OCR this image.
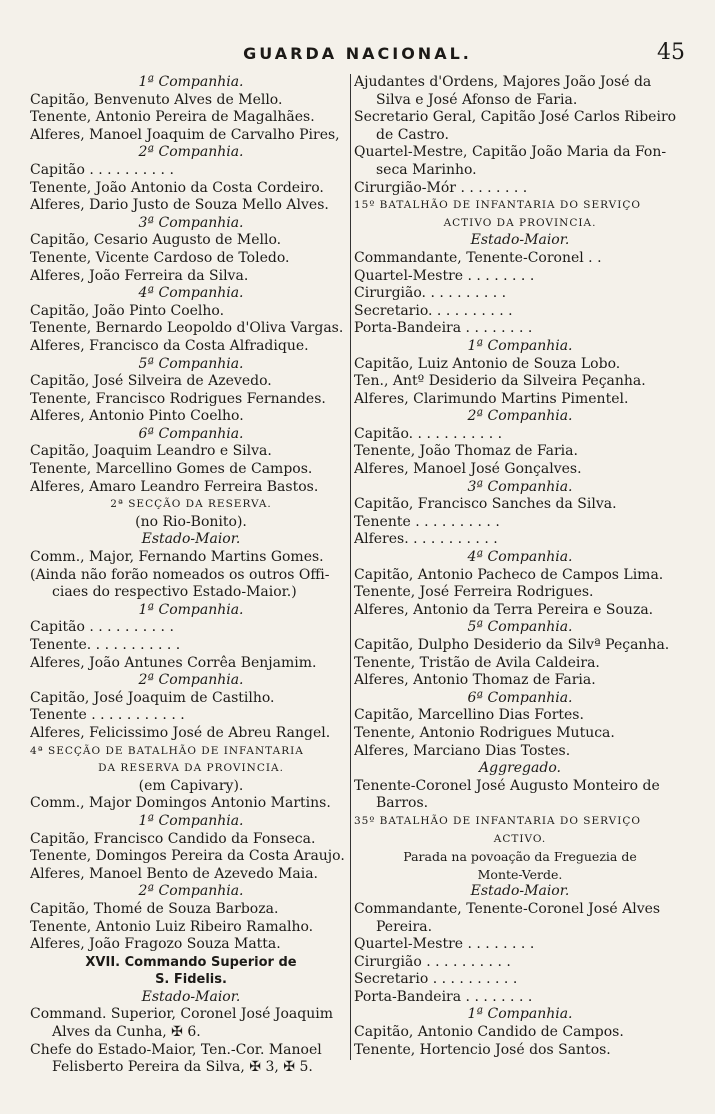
GUARDA NACIONAL.	45
1ª Companhia.
Capitão, Benvenuto Alves de Mello.
Tenente, Antonio Pereira de Magalhães.
Alferes, Manoel Joaquim de Carvalho Pires,
2ª Companhia.
Capitão . . . . . . . . . .
Tenente, João Antonio da Costa Cordeiro.
Alferes, Dario Justo de Souza Mello Alves.
3ª Companhia.
Capitão, Cesario Augusto de Mello.
Tenente, Vicente Cardoso de Toledo.
Alferes, João Ferreira da Silva.
4ª Companhia.
Capitão, João Pinto Coelho.
Tenente, Bernardo Leopoldo d'Oliva Vargas.
Alferes, Francisco da Costa Alfradique.
5ª Companhia.
Capitão, José Silveira de Azevedo.
Tenente, Francisco Rodrigues Fernandes.
Alferes, Antonio Pinto Coelho.
6ª Companhia.
Capitão, Joaquim Leandro e Silva.
Tenente, Marcellino Gomes de Campos.
Alferes, Amaro Leandro Ferreira Bastos.
2ª SECÇÃO DA RESERVA.
(no Rio-Bonito).
Estado-Maior.
Comm., Major, Fernando Martins Gomes.
(Ainda não forão nomeados os outros Offi-
ciaes do respectivo Estado-Maior.)
1ª Companhia.
Capitão . . . . . . . . . .
Tenente. . . . . . . . . . .
Alferes, João Antunes Corrêa Benjamim.
2ª Companhia.
Capitão, José Joaquim de Castilho.
Tenente . . . . . . . . . . .
Alferes, Felicissimo José de Abreu Rangel.
4ª SECÇÃO DE BATALHÃO DE INFANTARIA
DA RESERVA DA PROVINCIA.
(em Capivary).
Comm., Major Domingos Antonio Martins.
1ª Companhia.
Capitão, Francisco Candido da Fonseca.
Tenente, Domingos Pereira da Costa Araujo.
Alferes, Manoel Bento de Azevedo Maia.
2ª Companhia.
Capitão, Thomé de Souza Barboza.
Tenente, Antonio Luiz Ribeiro Ramalho.
Alferes, João Fragozo Souza Matta.
XVII. Commando Superior de
S. Fidelis.
Estado-Maior.
Command. Superior, Coronel José Joaquim
Alves da Cunha, ✠ 6.
Chefe do Estado-Maior, Ten.-Cor. Manoel
Felisberto Pereira da Silva, ✠ 3, ✠ 5.
Ajudantes d'Ordens, Majores João José da
Silva e José Afonso de Faria.
Secretario Geral, Capitão José Carlos Ribeiro
de Castro.
Quartel-Mestre, Capitão João Maria da Fon-
seca Marinho.
Cirurgião-Mór . . . . . . . .
15º BATALHÃO DE INFANTARIA DO SERVIÇO
ACTIVO DA PROVINCIA.
Estado-Maior.
Commandante, Tenente-Coronel . .
Quartel-Mestre . . . . . . . .
Cirurgião. . . . . . . . . .
Secretario. . . . . . . . . .
Porta-Bandeira . . . . . . . .
1ª Companhia.
Capitão, Luiz Antonio de Souza Lobo.
Ten., Antº Desiderio da Silveira Peçanha.
Alferes, Clarimundo Martins Pimentel.
2ª Companhia.
Capitão. . . . . . . . . . .
Tenente, João Thomaz de Faria.
Alferes, Manoel José Gonçalves.
3ª Companhia.
Capitão, Francisco Sanches da Silva.
Tenente . . . . . . . . . .
Alferes. . . . . . . . . . .
4ª Companhia.
Capitão, Antonio Pacheco de Campos Lima.
Tenente, José Ferreira Rodrigues.
Alferes, Antonio da Terra Pereira e Souza.
5ª Companhia.
Capitão, Dulpho Desiderio da Silvª Peçanha.
Tenente, Tristão de Avila Caldeira.
Alferes, Antonio Thomaz de Faria.
6ª Companhia.
Capitão, Marcellino Dias Fortes.
Tenente, Antonio Rodrigues Mutuca.
Alferes, Marciano Dias Tostes.
Aggregado.
Tenente-Coronel José Augusto Monteiro de
Barros.
35º BATALHÃO DE INFANTARIA DO SERVIÇO
ACTIVO.
Parada na povoação da Freguezia de
Monte-Verde.
Estado-Maior.
Commandante, Tenente-Coronel José Alves
Pereira.
Quartel-Mestre . . . . . . . .
Cirurgião . . . . . . . . . .
Secretario . . . . . . . . . .
Porta-Bandeira . . . . . . . .
1ª Companhia.
Capitão, Antonio Candido de Campos.
Tenente, Hortencio José dos Santos.
